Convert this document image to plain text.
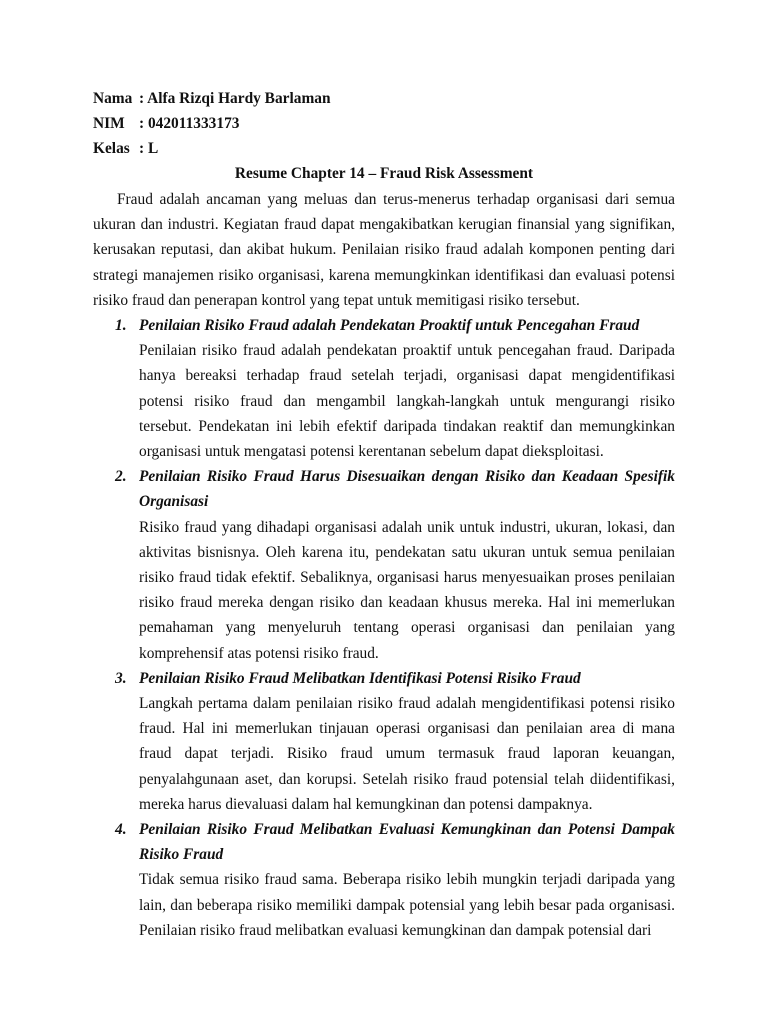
Nama : Alfa Rizqi Hardy Barlaman
NIM : 042011333173
Kelas : L
Resume Chapter 14 – Fraud Risk Assessment

Fraud adalah ancaman yang meluas dan terus-menerus terhadap organisasi dari semua ukuran dan industri. Kegiatan fraud dapat mengakibatkan kerugian finansial yang signifikan, kerusakan reputasi, dan akibat hukum. Penilaian risiko fraud adalah komponen penting dari strategi manajemen risiko organisasi, karena memungkinkan identifikasi dan evaluasi potensi risiko fraud dan penerapan kontrol yang tepat untuk memitigasi risiko tersebut.

1. Penilaian Risiko Fraud adalah Pendekatan Proaktif untuk Pencegahan Fraud

Penilaian risiko fraud adalah pendekatan proaktif untuk pencegahan fraud. Daripada hanya bereaksi terhadap fraud setelah terjadi, organisasi dapat mengidentifikasi potensi risiko fraud dan mengambil langkah-langkah untuk mengurangi risiko tersebut. Pendekatan ini lebih efektif daripada tindakan reaktif dan memungkinkan organisasi untuk mengatasi potensi kerentanan sebelum dapat dieksploitasi.

2. Penilaian Risiko Fraud Harus Disesuaikan dengan Risiko dan Keadaan Spesifik Organisasi

Risiko fraud yang dihadapi organisasi adalah unik untuk industri, ukuran, lokasi, dan aktivitas bisnisnya. Oleh karena itu, pendekatan satu ukuran untuk semua penilaian risiko fraud tidak efektif. Sebaliknya, organisasi harus menyesuaikan proses penilaian risiko fraud mereka dengan risiko dan keadaan khusus mereka. Hal ini memerlukan pemahaman yang menyeluruh tentang operasi organisasi dan penilaian yang komprehensif atas potensi risiko fraud.

3. Penilaian Risiko Fraud Melibatkan Identifikasi Potensi Risiko Fraud

Langkah pertama dalam penilaian risiko fraud adalah mengidentifikasi potensi risiko fraud. Hal ini memerlukan tinjauan operasi organisasi dan penilaian area di mana fraud dapat terjadi. Risiko fraud umum termasuk fraud laporan keuangan, penyalahgunaan aset, dan korupsi. Setelah risiko fraud potensial telah diidentifikasi, mereka harus dievaluasi dalam hal kemungkinan dan potensi dampaknya.

4. Penilaian Risiko Fraud Melibatkan Evaluasi Kemungkinan dan Potensi Dampak Risiko Fraud

Tidak semua risiko fraud sama. Beberapa risiko lebih mungkin terjadi daripada yang lain, dan beberapa risiko memiliki dampak potensial yang lebih besar pada organisasi. Penilaian risiko fraud melibatkan evaluasi kemungkinan dan dampak potensial dari
